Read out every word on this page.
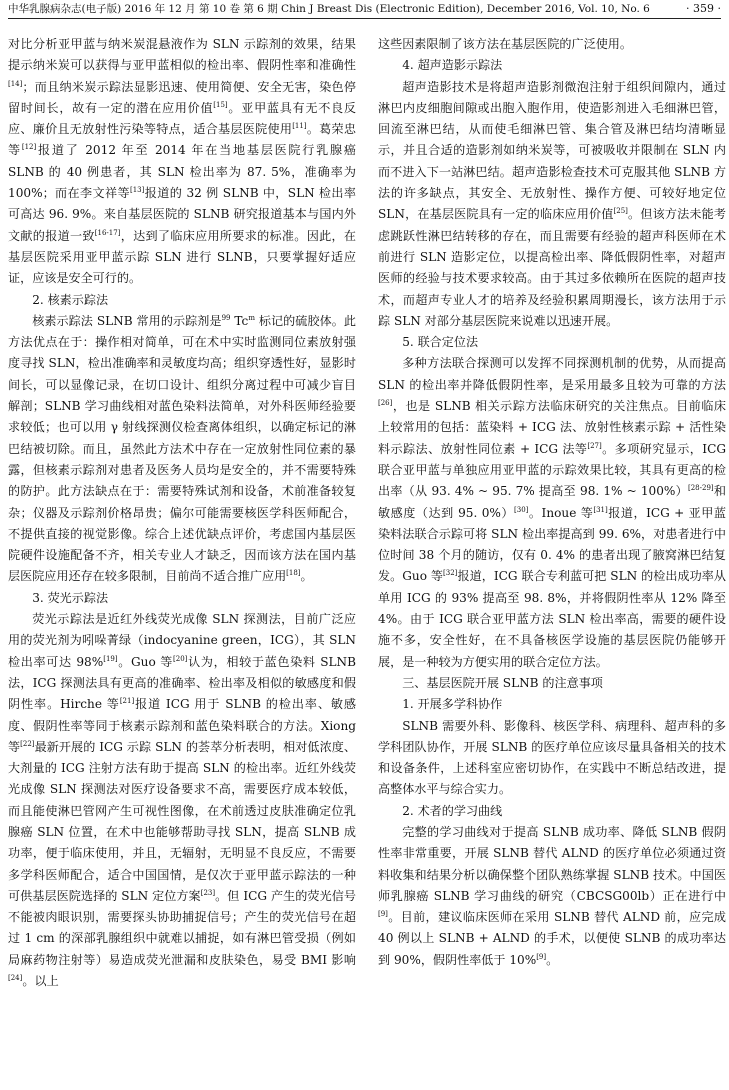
中华乳腺病杂志(电子版) 2016 年 12 月 第 10 卷 第 6 期 Chin J Breast Dis (Electronic Edition), December 2016, Vol. 10, No. 6	· 359 ·

对比分析亚甲蓝与纳米炭混悬液作为 SLN 示踪剂的效果，结果提示纳米炭可以获得与亚甲蓝相似的检出率、假阴性率和准确性[14]；而且纳米炭示踪法显影迅速、使用简便、安全无害，染色停留时间长，故有一定的潜在应用价值[15]。亚甲蓝具有无不良反应、廉价且无放射性污染等特点，适合基层医院使用[11]。葛荣忠等[12]报道了 2012 年至 2014 年在当地基层医院行乳腺癌 SLNB 的 40 例患者，其 SLN 检出率为 87. 5%，准确率为 100%；而在李文祥等[13]报道的 32 例 SLNB 中，SLN 检出率可高达 96. 9%。来自基层医院的 SLNB 研究报道基本与国内外文献的报道一致[16-17]，达到了临床应用所要求的标准。因此，在基层医院采用亚甲蓝示踪 SLN 进行 SLNB，只要掌握好适应证，应该是安全可行的。

2. 核素示踪法

核素示踪法 SLNB 常用的示踪剂是$^{99}$ Tc$^m$ 标记的硫胶体。此方法优点在于：操作相对简单，可在术中实时监测同位素放射强度寻找 SLN，检出准确率和灵敏度均高；组织穿透性好，显影时间长，可以显像记录，在切口设计、组织分离过程中可减少盲目解剖；SLNB 学习曲线相对蓝色染料法简单，对外科医师经验要求较低；也可以用 γ 射线探测仪检查离体组织，以确定标记的淋巴结被切除。而且，虽然此方法术中存在一定放射性同位素的暴露，但核素示踪剂对患者及医务人员均是安全的，并不需要特殊的防护。此方法缺点在于：需要特殊试剂和设备，术前准备较复杂；仪器及示踪剂价格昂贵；偏尔可能需要核医学科医师配合，不提供直接的视觉影像。综合上述优缺点评价，考虑国内基层医院硬件设施配备不齐，相关专业人才缺乏，因而该方法在国内基层医院应用还存在较多限制，目前尚不适合推广应用[18]。

3. 荧光示踪法

荧光示踪法是近红外线荧光成像 SLN 探测法，目前广泛应用的荧光剂为吲哚菁绿（indocyanine green，ICG），其 SLN 检出率可达 98%[19]。Guo 等[20]认为，相较于蓝色染料 SLNB 法，ICG 探测法具有更高的准确率、检出率及相似的敏感度和假阴性率。Hirche 等[21]报道 ICG 用于 SLNB 的检出率、敏感度、假阴性率等同于核素示踪剂和蓝色染料联合的方法。Xiong 等[22]最新开展的 ICG 示踪 SLN 的荟萃分析表明，相对低浓度、大剂量的 ICG 注射方法有助于提高 SLN 的检出率。近红外线荧光成像 SLN 探测法对医疗设备要求不高，需要医疗成本较低，而且能使淋巴管网产生可视性图像，在术前透过皮肤准确定位乳腺癌 SLN 位置，在术中也能够帮助寻找 SLN，提高 SLNB 成功率，便于临床使用，并且，无辐射，无明显不良反应，不需要多学科医师配合，适合中国国情，是仅次于亚甲蓝示踪法的一种可供基层医院选择的 SLN 定位方案[23]。但 ICG 产生的荧光信号不能被肉眼识别，需要探头协助捕捉信号；产生的荧光信号在超过 1 cm 的深部乳腺组织中就难以捕捉，如有淋巴管受损（例如局麻药物注射等）易造成荧光泄漏和皮肤染色，易受 BMI 影响[24]。以上

这些因素限制了该方法在基层医院的广泛使用。

4. 超声造影示踪法

超声造影技术是将超声造影剂微泡注射于组织间隙内，通过淋巴内皮细胞间隙或出胞入胞作用，使造影剂进入毛细淋巴管，回流至淋巴结，从而使毛细淋巴管、集合管及淋巴结均清晰显示，并且合适的造影剂如纳米炭等，可被吸收并限制在 SLN 内而不进入下一站淋巴结。超声造影检查技术可克服其他 SLNB 方法的许多缺点，其安全、无放射性、操作方便、可较好地定位 SLN，在基层医院具有一定的临床应用价值[25]。但该方法未能考虑跳跃性淋巴结转移的存在，而且需要有经验的超声科医师在术前进行 SLN 造影定位，以提高检出率、降低假阴性率，对超声医师的经验与技术要求较高。由于其过多依赖所在医院的超声技术，而超声专业人才的培养及经验积累周期漫长，该方法用于示踪 SLN 对部分基层医院来说难以迅速开展。

5. 联合定位法

多种方法联合探测可以发挥不同探测机制的优势，从而提高 SLN 的检出率并降低假阴性率，是采用最多且较为可靠的方法[26]，也是 SLNB 相关示踪方法临床研究的关注焦点。目前临床上较常用的包括：蓝染料 + ICG 法、放射性核素示踪 + 活性染料示踪法、放射性同位素 + ICG 法等[27]。多项研究显示，ICG 联合亚甲蓝与单独应用亚甲蓝的示踪效果比较，其具有更高的检出率（从 93. 4% ~ 95. 7% 提高至 98. 1% ~ 100%）[28-29]和敏感度（达到 95. 0%）[30]。Inoue 等[31]报道，ICG + 亚甲蓝染料法联合示踪可将 SLN 检出率提高到 99. 6%，对患者进行中位时间 38 个月的随访，仅有 0. 4% 的患者出现了腋窝淋巴结复发。Guo 等[32]报道，ICG 联合专利蓝可把 SLN 的检出成功率从单用 ICG 的 93% 提高至 98. 8%，并将假阴性率从 12% 降至 4%。由于 ICG 联合亚甲蓝方法 SLN 检出率高，需要的硬件设施不多，安全性好，在不具备核医学设施的基层医院仍能够开展，是一种较为方便实用的联合定位方法。

三、基层医院开展 SLNB 的注意事项
1. 开展多学科协作

SLNB 需要外科、影像科、核医学科、病理科、超声科的多学科团队协作，开展 SLNB 的医疗单位应该尽量具备相关的技术和设备条件，上述科室应密切协作，在实践中不断总结改进，提高整体水平与综合实力。

2. 术者的学习曲线

完整的学习曲线对于提高 SLNB 成功率、降低 SLNB 假阴性率非常重要，开展 SLNB 替代 ALND 的医疗单位必须通过资料收集和结果分析以确保整个团队熟练掌握 SLNB 技术。中国医师乳腺癌 SLNB 学习曲线的研究（CBCSG00lb）正在进行中[9]。目前，建议临床医师在采用 SLNB 替代 ALND 前，应完成 40 例以上 SLNB + ALND 的手术，以便使 SLNB 的成功率达到 90%，假阴性率低于 10%[9]。
